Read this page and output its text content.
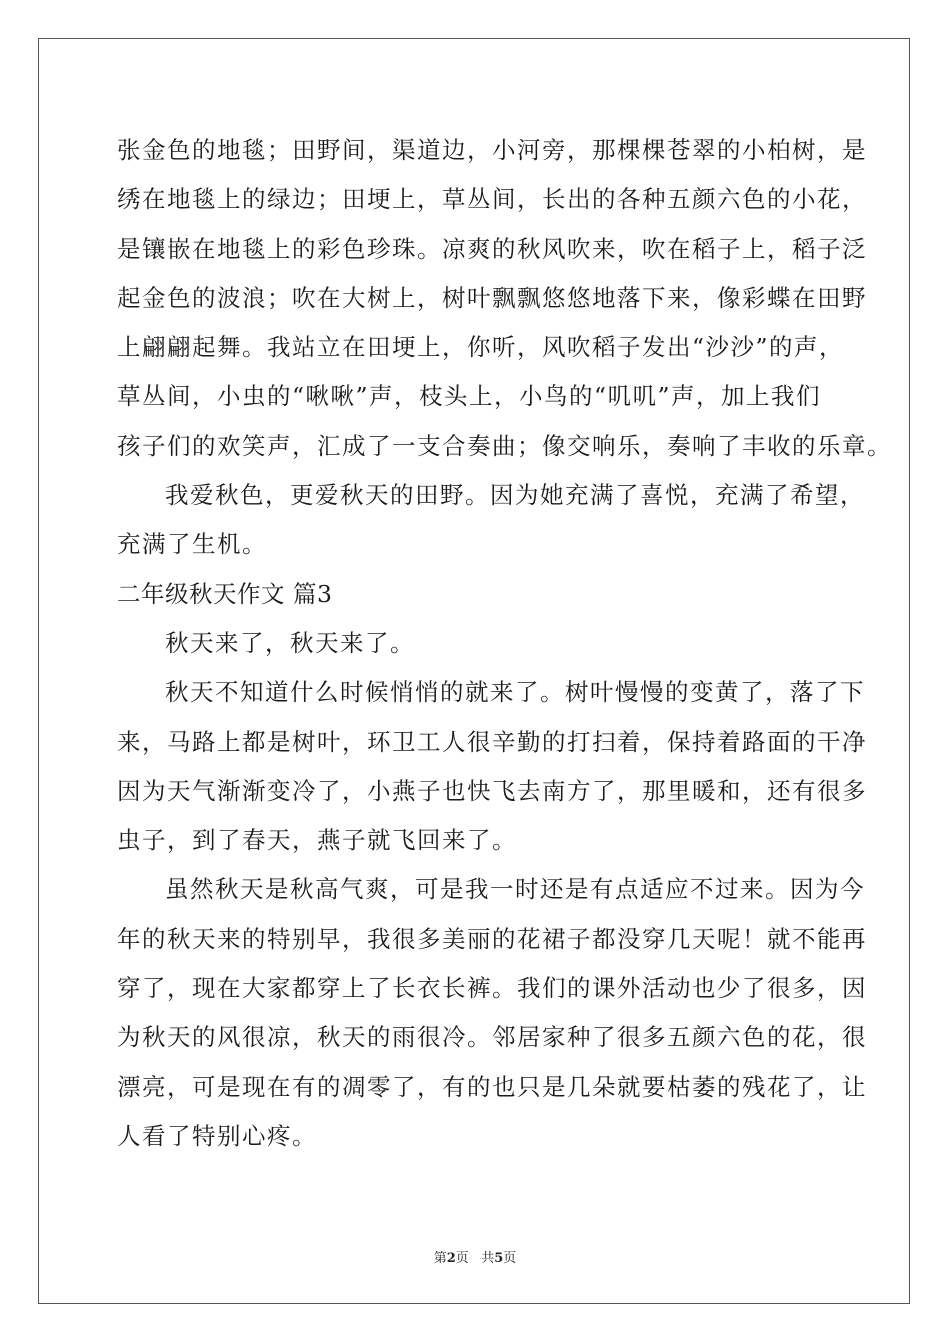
张金色的地毯；田野间，渠道边，小河旁，那棵棵苍翠的小柏树，是
绣在地毯上的绿边；田埂上，草丛间，长出的各种五颜六色的小花，
是镶嵌在地毯上的彩色珍珠。凉爽的秋风吹来，吹在稻子上，稻子泛
起金色的波浪；吹在大树上，树叶飘飘悠悠地落下来，像彩蝶在田野
上翩翩起舞。我站立在田埂上，你听，风吹稻子发出“沙沙”的声，
草丛间，小虫的“啾啾”声，枝头上，小鸟的“叽叽”声，加上我们
孩子们的欢笑声，汇成了一支合奏曲；像交响乐，奏响了丰收的乐章。
我爱秋色，更爱秋天的田野。因为她充满了喜悦，充满了希望，
充满了生机。
二年级秋天作文 篇3
秋天来了，秋天来了。
秋天不知道什么时候悄悄的就来了。树叶慢慢的变黄了，落了下
来，马路上都是树叶，环卫工人很辛勤的打扫着，保持着路面的干净
因为天气渐渐变冷了，小燕子也快飞去南方了，那里暖和，还有很多
虫子，到了春天，燕子就飞回来了。
虽然秋天是秋高气爽，可是我一时还是有点适应不过来。因为今
年的秋天来的特别早，我很多美丽的花裙子都没穿几天呢！就不能再
穿了，现在大家都穿上了长衣长裤。我们的课外活动也少了很多，因
为秋天的风很凉，秋天的雨很冷。邻居家种了很多五颜六色的花，很
漂亮，可是现在有的凋零了，有的也只是几朵就要枯萎的残花了，让
人看了特别心疼。
第2页 共5页
